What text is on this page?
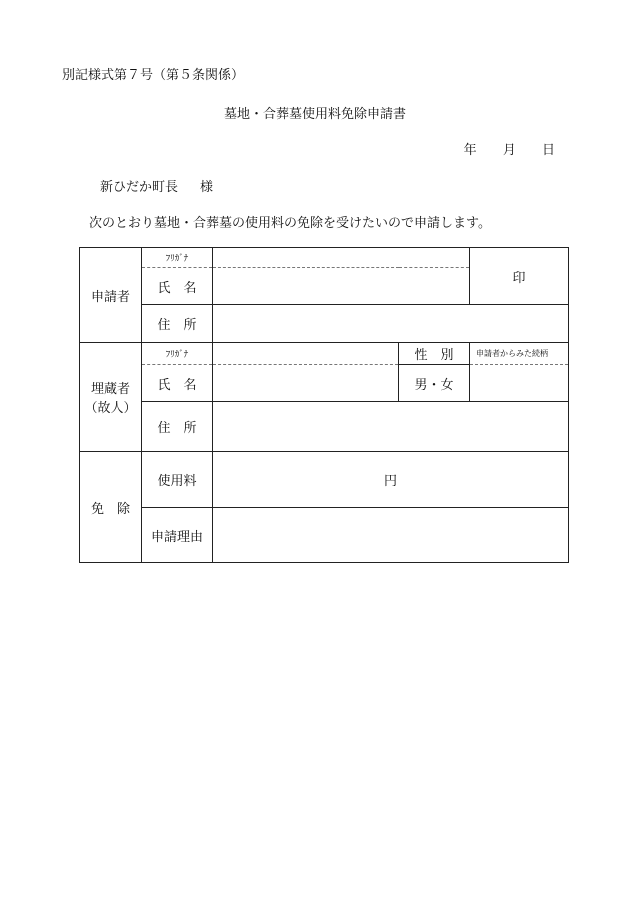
別記様式第７号（第５条関係）
墓地・合葬墓使用料免除申請書
年 月 日
新ひだか町長 様
次のとおり墓地・合葬墓の使用料の免除を受けたいので申請します。
申請者	ﾌﾘｶﾞﾅ			印
	氏　名			
	住　所			
埋蔵者
（故人）	ﾌﾘｶﾞﾅ		性　別	申請者からみた続柄
	氏　名		男・女	
	住　所			
免　除	使用料	円		
	申請理由			
